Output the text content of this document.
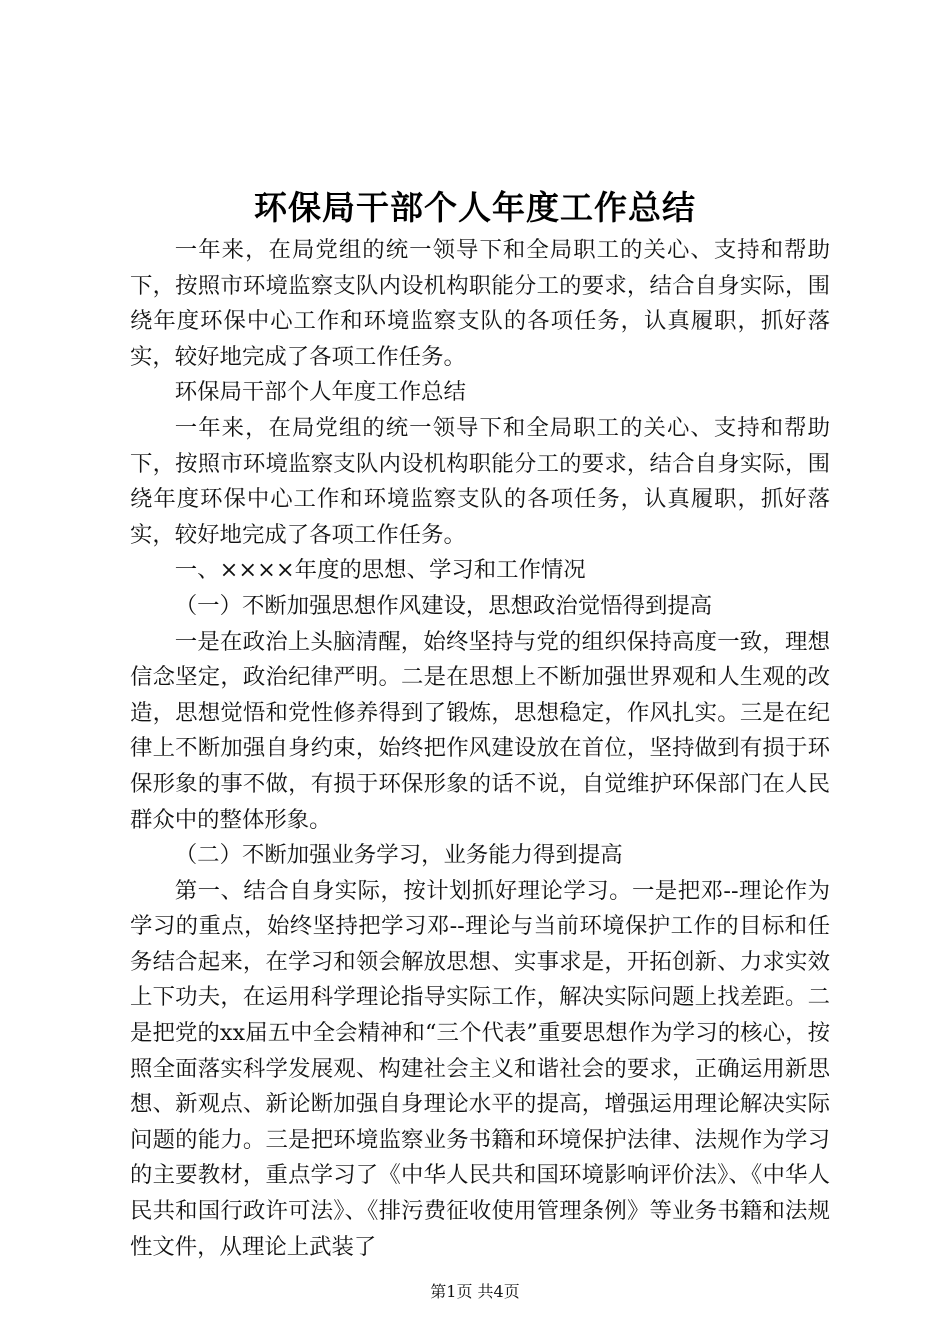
环保局干部个人年度工作总结

一年来，在局党组的统一领导下和全局职工的关心、支持和帮助下，按照市环境监察支队内设机构职能分工的要求，结合自身实际，围绕年度环保中心工作和环境监察支队的各项任务，认真履职，抓好落实，较好地完成了各项工作任务。

环保局干部个人年度工作总结

一年来，在局党组的统一领导下和全局职工的关心、支持和帮助下，按照市环境监察支队内设机构职能分工的要求，结合自身实际，围绕年度环保中心工作和环境监察支队的各项任务，认真履职，抓好落实，较好地完成了各项工作任务。

一、××××年度的思想、学习和工作情况

（一）不断加强思想作风建设，思想政治觉悟得到提高

一是在政治上头脑清醒，始终坚持与党的组织保持高度一致，理想信念坚定，政治纪律严明。二是在思想上不断加强世界观和人生观的改造，思想觉悟和党性修养得到了锻炼，思想稳定，作风扎实。三是在纪律上不断加强自身约束，始终把作风建设放在首位，坚持做到有损于环保形象的事不做，有损于环保形象的话不说，自觉维护环保部门在人民群众中的整体形象。

（二）不断加强业务学习，业务能力得到提高

第一、结合自身实际，按计划抓好理论学习。一是把邓--理论作为学习的重点，始终坚持把学习邓--理论与当前环境保护工作的目标和任务结合起来，在学习和领会解放思想、实事求是，开拓创新、力求实效上下功夫，在运用科学理论指导实际工作，解决实际问题上找差距。二是把党的xx届五中全会精神和“三个代表”重要思想作为学习的核心，按照全面落实科学发展观、构建社会主义和谐社会的要求，正确运用新思想、新观点、新论断加强自身理论水平的提高，增强运用理论解决实际问题的能力。三是把环境监察业务书籍和环境保护法律、法规作为学习的主要教材，重点学习了《中华人民共和国环境影响评价法》、《中华人民共和国行政许可法》、《排污费征收使用管理条例》等业务书籍和法规性文件，从理论上武装了

第1页 共4页
